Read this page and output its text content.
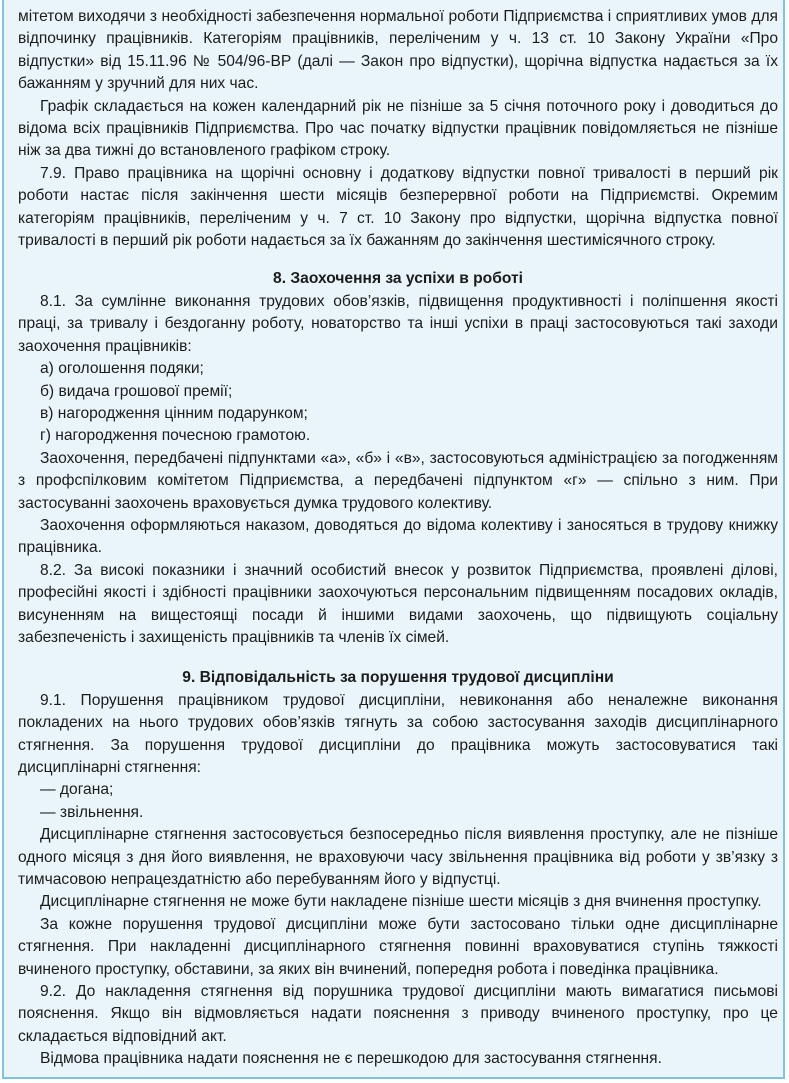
мітетом виходячи з необхідності забезпечення нормальної роботи Підприємства і сприятливих умов для відпочинку працівників. Категоріям працівників, переліченим у ч. 13 ст. 10 Закону України «Про відпустки» від 15.11.96 № 504/96-ВР (далі — Закон про відпустки), щорічна відпустка надається за їх бажанням у зручний для них час.

Графік складається на кожен календарний рік не пізніше за 5 січня поточного року і доводиться до відома всіх працівників Підприємства. Про час початку відпустки працівник повідомляється не пізніше ніж за два тижні до встановленого графіком строку.

7.9. Право працівника на щорічні основну і додаткову відпустки повної тривалості в перший рік роботи настає після закінчення шести місяців безперервної роботи на Підприємстві. Окремим категоріям працівників, переліченим у ч. 7 ст. 10 Закону про відпустки, щорічна відпустка повної тривалості в перший рік роботи надається за їх бажанням до закінчення шестимісячного строку.

8. Заохочення за успіхи в роботі

8.1. За сумлінне виконання трудових обов’язків, підвищення продуктивності і поліпшення якості праці, за тривалу і бездоганну роботу, новаторство та інші успіхи в праці застосовуються такі заходи заохочення працівників:

а) оголошення подяки;

б) видача грошової премії;

в) нагородження цінним подарунком;

г) нагородження почесною грамотою.

Заохочення, передбачені підпунктами «а», «б» і «в», застосовуються адміністрацією за погодженням з профспілковим комітетом Підприємства, а передбачені підпунктом «г» — спільно з ним. При застосуванні заохочень враховується думка трудового колективу.

Заохочення оформляються наказом, доводяться до відома колективу і заносяться в трудову книжку працівника.

8.2. За високі показники і значний особистий внесок у розвиток Підприємства, проявлені ділові, професійні якості і здібності працівники заохочуються персональним підвищенням посадових окладів, висуненням на вищестоящі посади й іншими видами заохочень, що підвищують соціальну забезпеченість і захищеність працівників та членів їх сімей.

9. Відповідальність за порушення трудової дисципліни

9.1. Порушення працівником трудової дисципліни, невиконання або неналежне виконання покладених на нього трудових обов’язків тягнуть за собою застосування заходів дисциплінарного стягнення. За порушення трудової дисципліни до працівника можуть застосовуватися такі дисциплінарні стягнення:

— догана;

— звільнення.

Дисциплінарне стягнення застосовується безпосередньо після виявлення проступку, але не пізніше одного місяця з дня його виявлення, не враховуючи часу звільнення працівника від роботи у зв’язку з тимчасовою непрацездатністю або перебуванням його у відпустці.

Дисциплінарне стягнення не може бути накладене пізніше шести місяців з дня вчинення проступку.

За кожне порушення трудової дисципліни може бути застосовано тільки одне дисциплінарне стягнення. При накладенні дисциплінарного стягнення повинні враховуватися ступінь тяжкості вчиненого проступку, обставини, за яких він вчинений, попередня робота і поведінка працівника.

9.2. До накладення стягнення від порушника трудової дисципліни мають вимагатися письмові пояснення. Якщо він відмовляється надати пояснення з приводу вчиненого проступку, про це складається відповідний акт.

Відмова працівника надати пояснення не є перешкодою для застосування стягнення.
